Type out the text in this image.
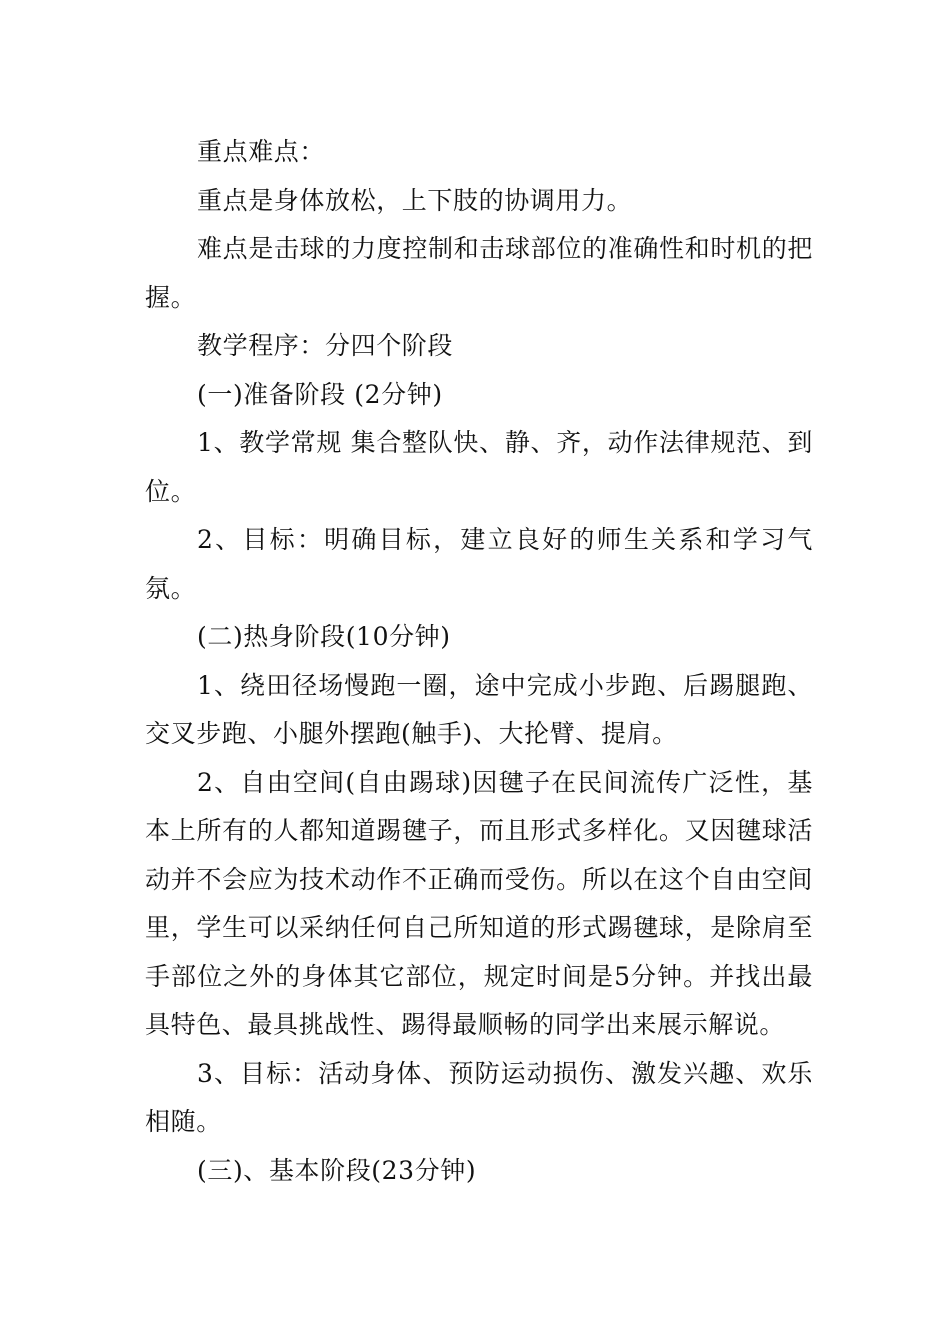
重点难点：

重点是身体放松，上下肢的协调用力。

难点是击球的力度控制和击球部位的准确性和时机的把握。

教学程序：分四个阶段

(一)准备阶段 (2分钟)

1、教学常规 集合整队快、静、齐，动作法律规范、到位。

2、目标：明确目标，建立良好的师生关系和学习气氛。

(二)热身阶段(10分钟)

1、绕田径场慢跑一圈，途中完成小步跑、后踢腿跑、交叉步跑、小腿外摆跑(触手)、大抡臂、提肩。

2、自由空间(自由踢球)因毽子在民间流传广泛性，基本上所有的人都知道踢毽子，而且形式多样化。又因毽球活动并不会应为技术动作不正确而受伤。所以在这个自由空间里，学生可以采纳任何自己所知道的形式踢毽球，是除肩至手部位之外的身体其它部位，规定时间是5分钟。并找出最具特色、最具挑战性、踢得最顺畅的同学出来展示解说。

3、目标：活动身体、预防运动损伤、激发兴趣、欢乐相随。

(三)、基本阶段(23分钟)
